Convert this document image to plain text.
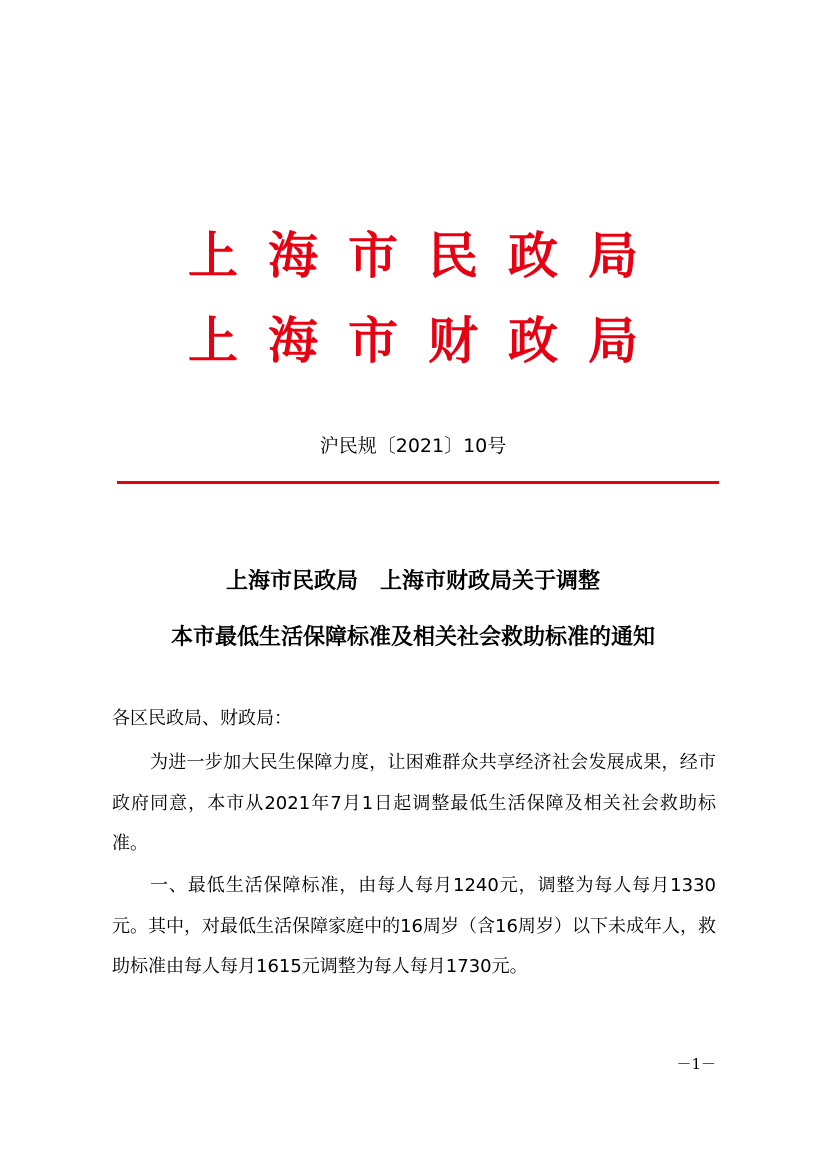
上海市民政局
上海市财政局
沪民规〔2021〕10号
上海市民政局　上海市财政局关于调整
本市最低生活保障标准及相关社会救助标准的通知
各区民政局、财政局：

为进一步加大民生保障力度，让困难群众共享经济社会发展成果，经市政府同意，本市从2021年7月1日起调整最低生活保障及相关社会救助标准。

一、最低生活保障标准，由每人每月1240元，调整为每人每月1330元。其中，对最低生活保障家庭中的16周岁（含16周岁）以下未成年人，救助标准由每人每月1615元调整为每人每月1730元。

－1－
